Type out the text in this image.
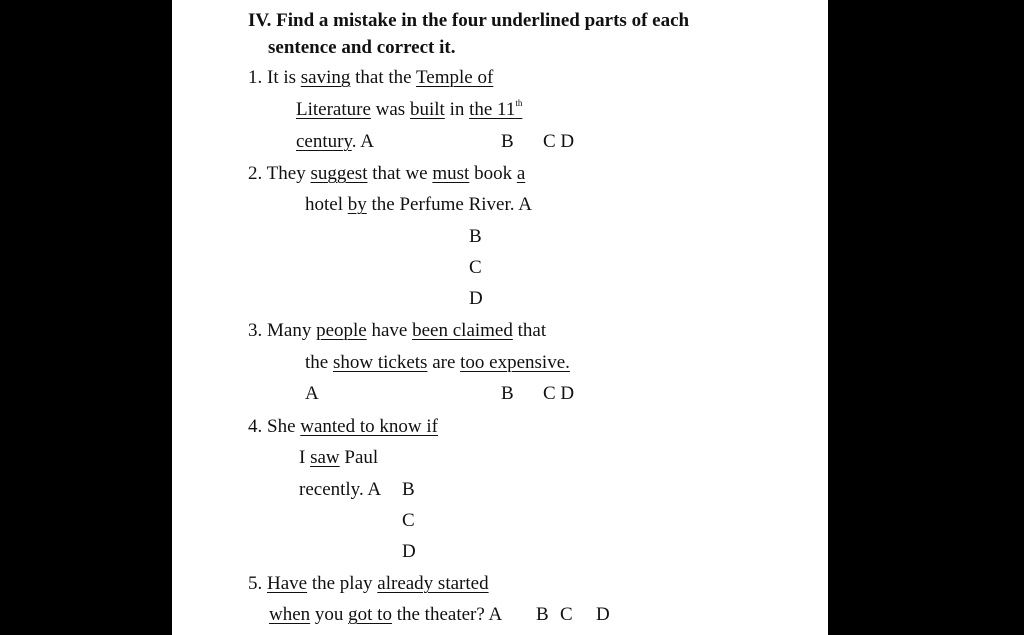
IV. Find a mistake in the four underlined parts of each
sentence and correct it.
1. It is saving that the Temple of
Literature was built in the 11th
century. A	B C D
2. They suggest that we must book a
hotel by the Perfume River. A
B
C
D
3. Many people have been claimed that
the show tickets are too expensive.
A	B C D
4. She wanted to know if
I saw Paul
recently. A B
C
D
5. Have the play already started
when you got to the theater? A B C D
